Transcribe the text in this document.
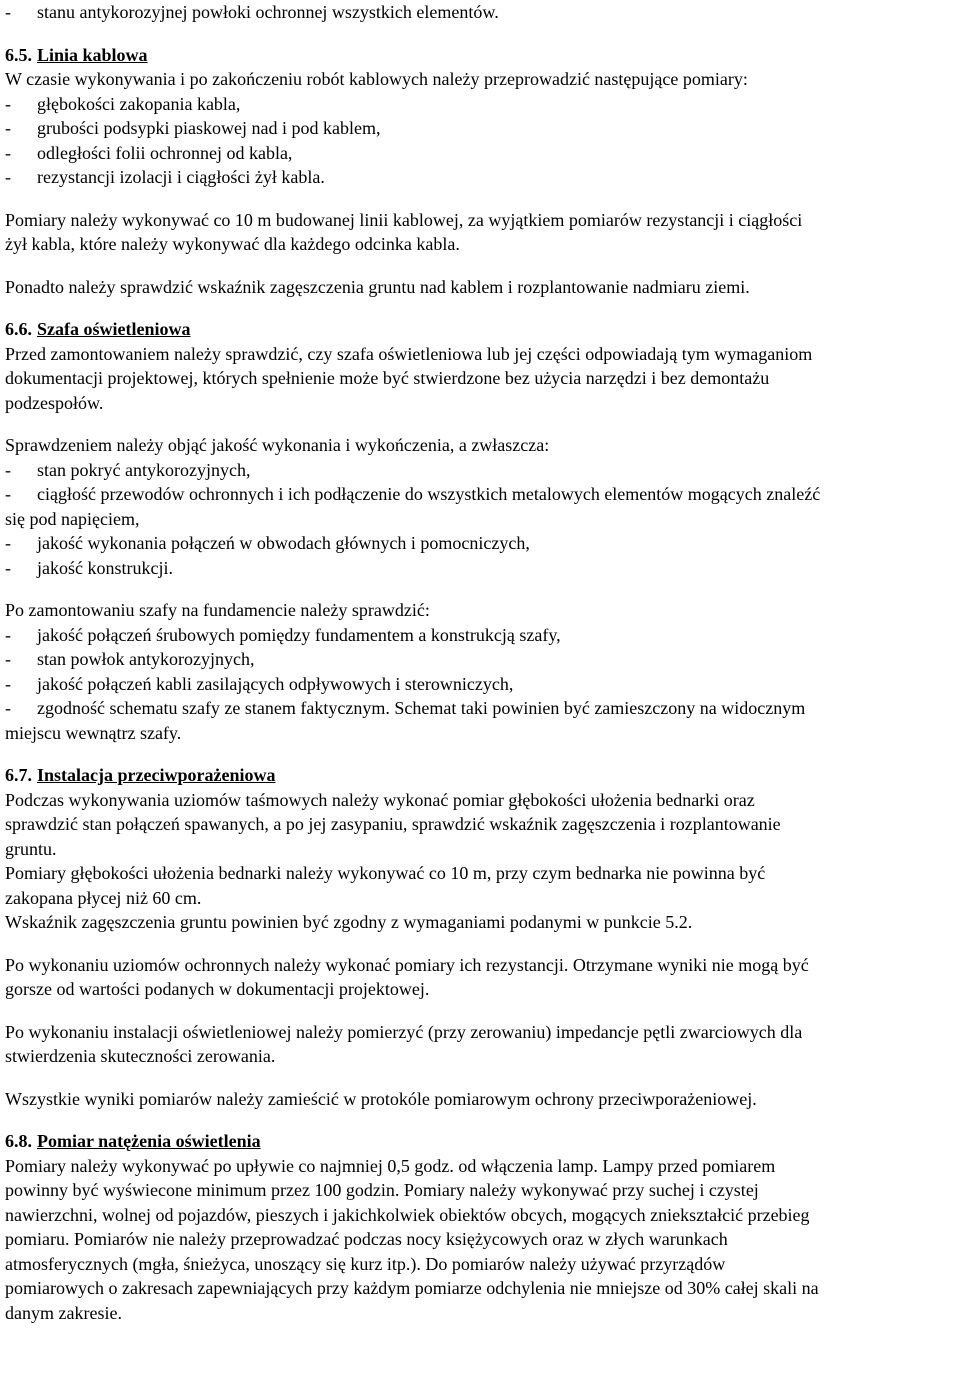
- stanu antykorozyjnej powłoki ochronnej wszystkich elementów.
6.5. Linia kablowa
W czasie wykonywania i po zakończeniu robót kablowych należy przeprowadzić następujące pomiary:
- głębokości zakopania kabla,
- grubości podsypki piaskowej nad i pod kablem,
- odległości folii ochronnej od kabla,
- rezystancji izolacji i ciągłości żył kabla.
Pomiary należy wykonywać co 10 m budowanej linii kablowej, za wyjątkiem pomiarów rezystancji i ciągłości
żył kabla, które należy wykonywać dla każdego odcinka kabla.
Ponadto należy sprawdzić wskaźnik zagęszczenia gruntu nad kablem i rozplantowanie nadmiaru ziemi.
6.6. Szafa oświetleniowa
Przed zamontowaniem należy sprawdzić, czy szafa oświetleniowa lub jej części odpowiadają tym wymaganiom
dokumentacji projektowej, których spełnienie może być stwierdzone bez użycia narzędzi i bez demontażu
podzespołów.
Sprawdzeniem należy objąć jakość wykonania i wykończenia, a zwłaszcza:
- stan pokryć antykorozyjnych,
- ciągłość przewodów ochronnych i ich podłączenie do wszystkich metalowych elementów mogących znaleźć
się pod napięciem,
- jakość wykonania połączeń w obwodach głównych i pomocniczych,
- jakość konstrukcji.
Po zamontowaniu szafy na fundamencie należy sprawdzić:
- jakość połączeń śrubowych pomiędzy fundamentem a konstrukcją szafy,
- stan powłok antykorozyjnych,
- jakość połączeń kabli zasilających odpływowych i sterowniczych,
- zgodność schematu szafy ze stanem faktycznym. Schemat taki powinien być zamieszczony na widocznym
miejscu wewnątrz szafy.
6.7. Instalacja przeciwporażeniowa
Podczas wykonywania uziomów taśmowych należy wykonać pomiar głębokości ułożenia bednarki oraz
sprawdzić stan połączeń spawanych, a po jej zasypaniu, sprawdzić wskaźnik zagęszczenia i rozplantowanie
gruntu.
Pomiary głębokości ułożenia bednarki należy wykonywać co 10 m, przy czym bednarka nie powinna być
zakopana płycej niż 60 cm.
Wskaźnik zagęszczenia gruntu powinien być zgodny z wymaganiami podanymi w punkcie 5.2.
Po wykonaniu uziomów ochronnych należy wykonać pomiary ich rezystancji. Otrzymane wyniki nie mogą być
gorsze od wartości podanych w dokumentacji projektowej.
Po wykonaniu instalacji oświetleniowej należy pomierzyć (przy zerowaniu) impedancje pętli zwarciowych dla
stwierdzenia skuteczności zerowania.
Wszystkie wyniki pomiarów należy zamieścić w protokóle pomiarowym ochrony przeciwporażeniowej.
6.8. Pomiar natężenia oświetlenia
Pomiary należy wykonywać po upływie co najmniej 0,5 godz. od włączenia lamp. Lampy przed pomiarem
powinny być wyświecone minimum przez 100 godzin. Pomiary należy wykonywać przy suchej i czystej
nawierzchni, wolnej od pojazdów, pieszych i jakichkolwiek obiektów obcych, mogących zniekształcić przebieg
pomiaru. Pomiarów nie należy przeprowadzać podczas nocy księżycowych oraz w złych warunkach
atmosferycznych (mgła, śnieżyca, unoszący się kurz itp.). Do pomiarów należy używać przyrządów
pomiarowych o zakresach zapewniających przy każdym pomiarze odchylenia nie mniejsze od 30% całej skali na
danym zakresie.
